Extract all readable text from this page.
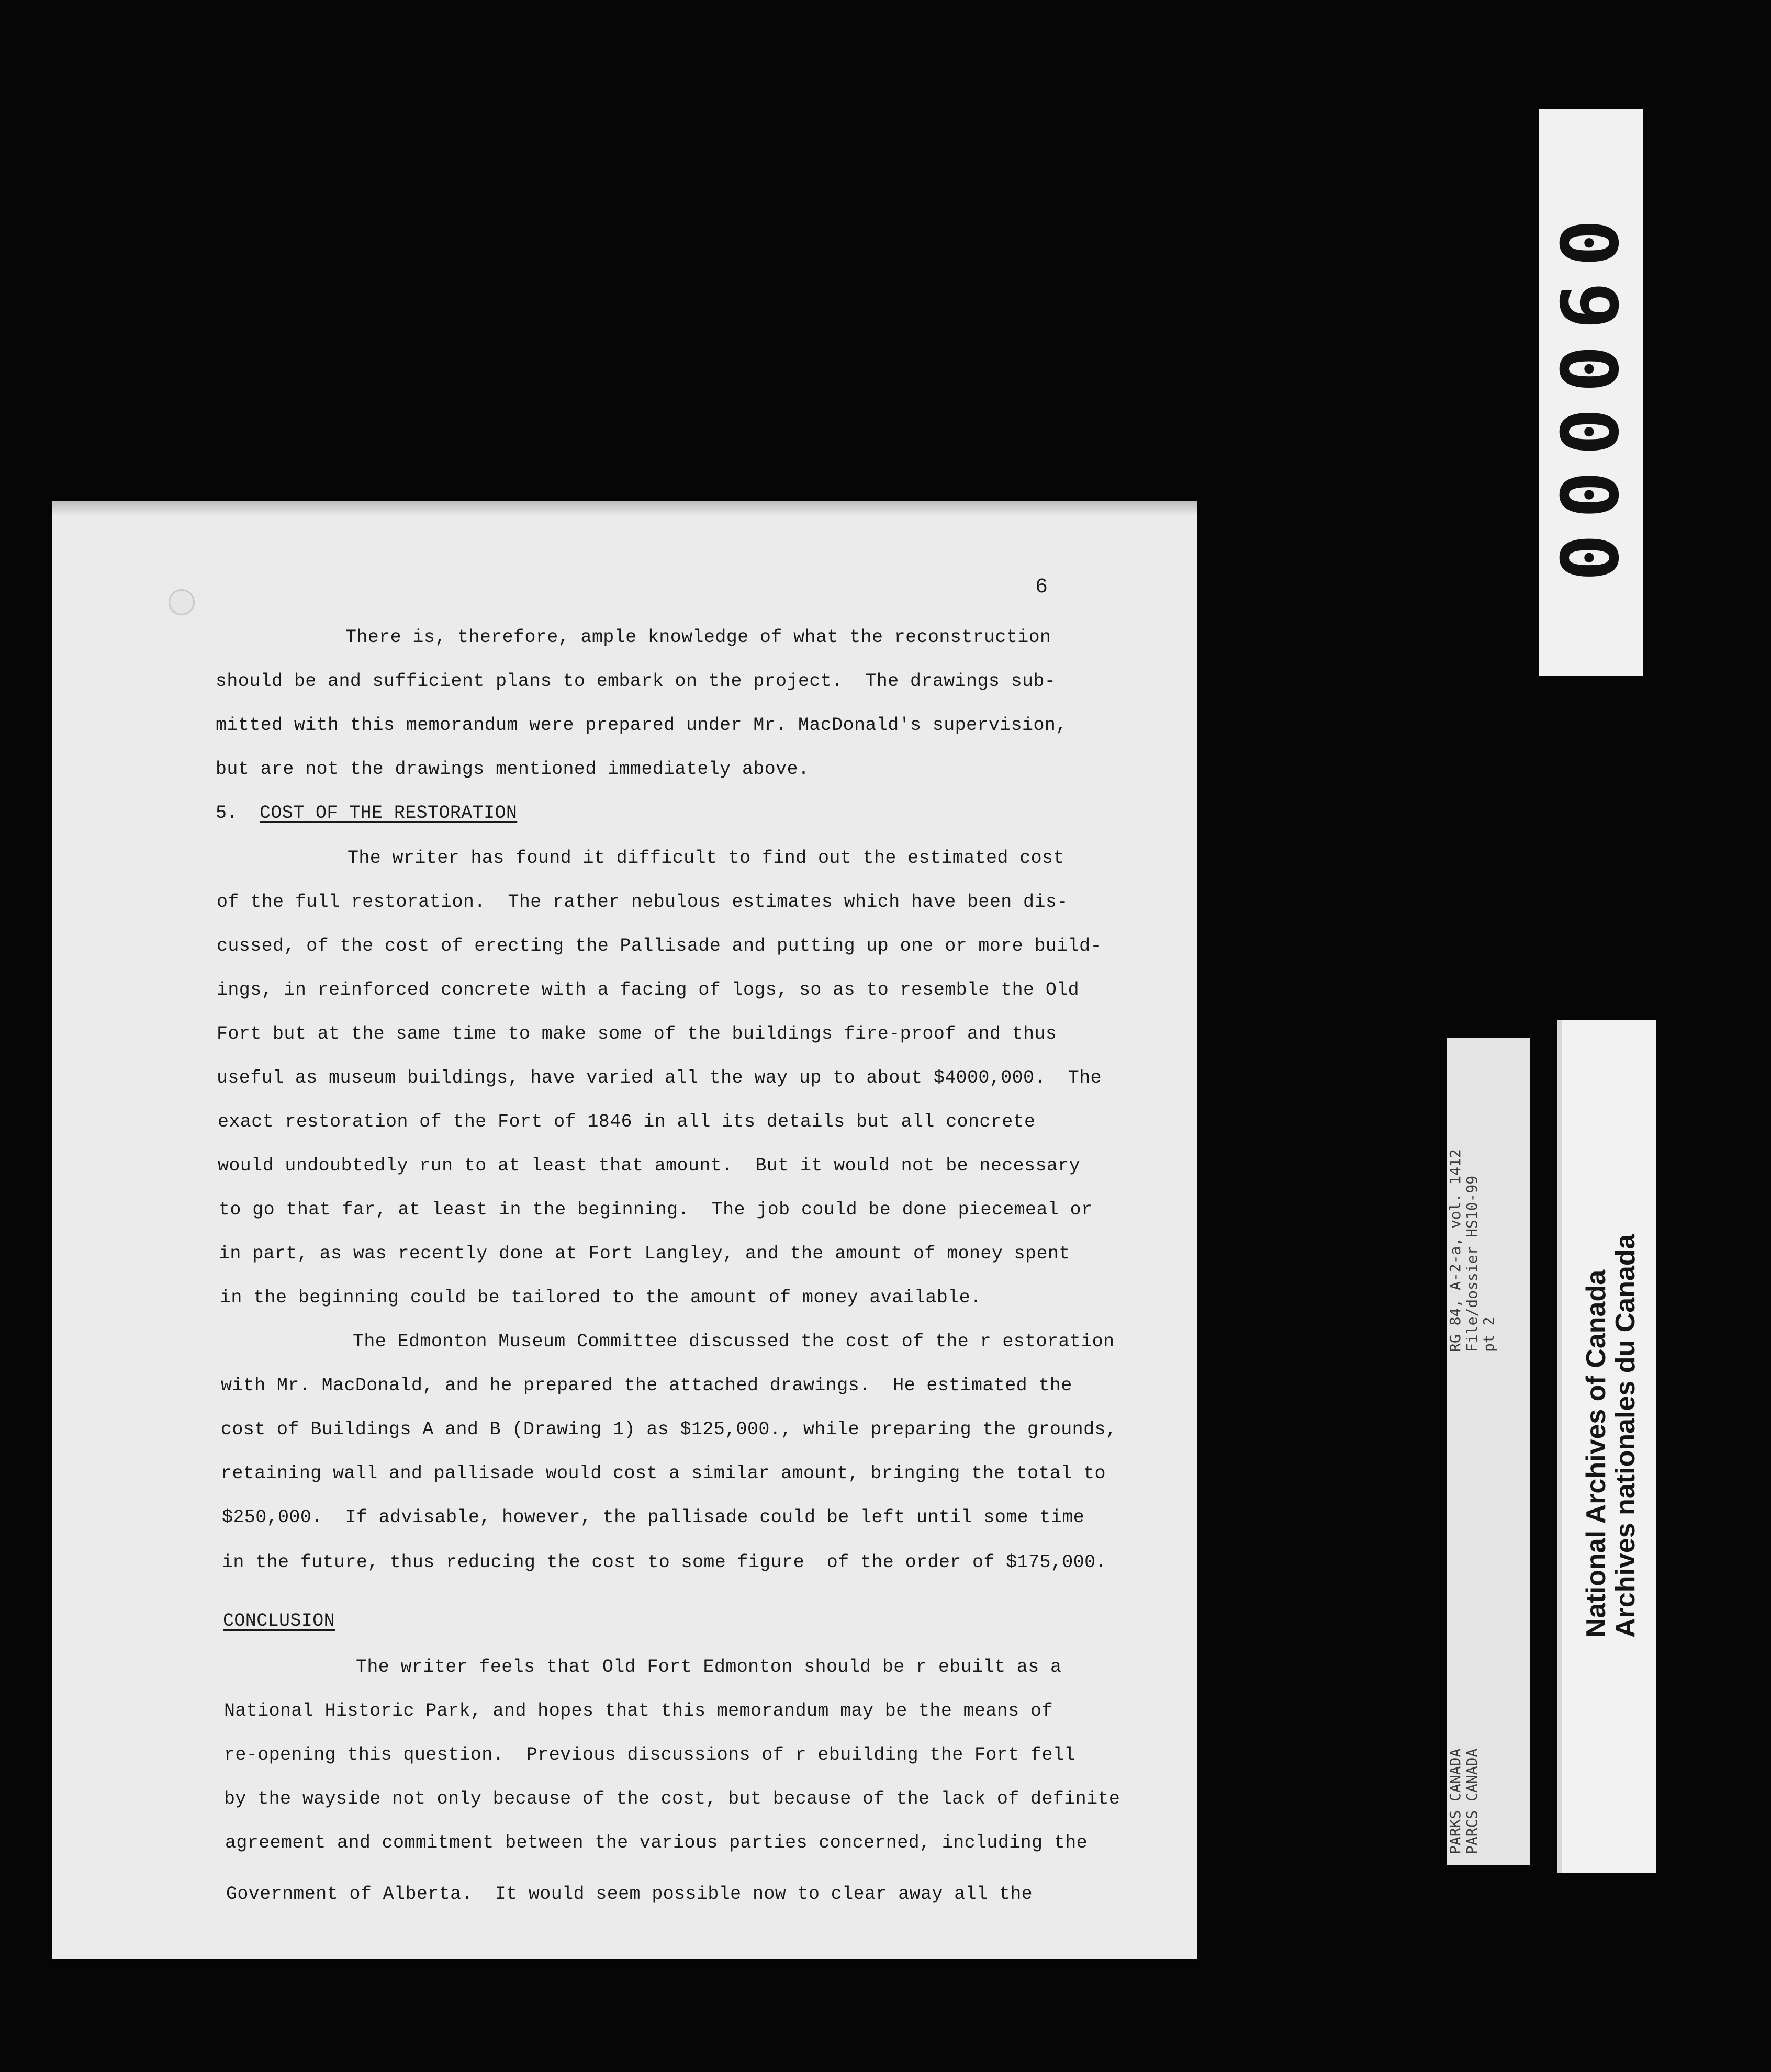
6
There is, therefore, ample knowledge of what the reconstruction
should be and sufficient plans to embark on the project.  The drawings sub-
mitted with this memorandum were prepared under Mr. MacDonald's supervision,
but are not the drawings mentioned immediately above.
5.
COST OF THE RESTORATION
The writer has found it difficult to find out the estimated cost
of the full restoration.  The rather nebulous estimates which have been dis-
cussed, of the cost of erecting the Pallisade and putting up one or more build-
ings, in reinforced concrete with a facing of logs, so as to resemble the Old
Fort but at the same time to make some of the buildings fire-proof and thus
useful as museum buildings, have varied all the way up to about $4000,000.  The
exact restoration of the Fort of 1846 in all its details but all concrete
would undoubtedly run to at least that amount.  But it would not be necessary
to go that far, at least in the beginning.  The job could be done piecemeal or
in part, as was recently done at Fort Langley, and the amount of money spent
in the beginning could be tailored to the amount of money available.
The Edmonton Museum Committee discussed the cost of the r estoration
with Mr. MacDonald, and he prepared the attached drawings.  He estimated the
cost of Buildings A and B (Drawing 1) as $125,000., while preparing the grounds,
retaining wall and pallisade would cost a similar amount, bringing the total to
$250,000.  If advisable, however, the pallisade could be left until some time
in the future, thus reducing the cost to some figure  of the order of $175,000.
CONCLUSION
The writer feels that Old Fort Edmonton should be r ebuilt as a
National Historic Park, and hopes that this memorandum may be the means of
re-opening this question.  Previous discussions of r ebuilding the Fort fell
by the wayside not only because of the cost, but because of the lack of definite
agreement and commitment between the various parties concerned, including the
Government of Alberta.  It would seem possible now to clear away all the
000060
RG 84, A-2-a, vol. 1412 File/dossier HS10-99 pt 2
PARKS CANADA PARCS CANADA
National Archives of Canada
Archives nationales du Canada
